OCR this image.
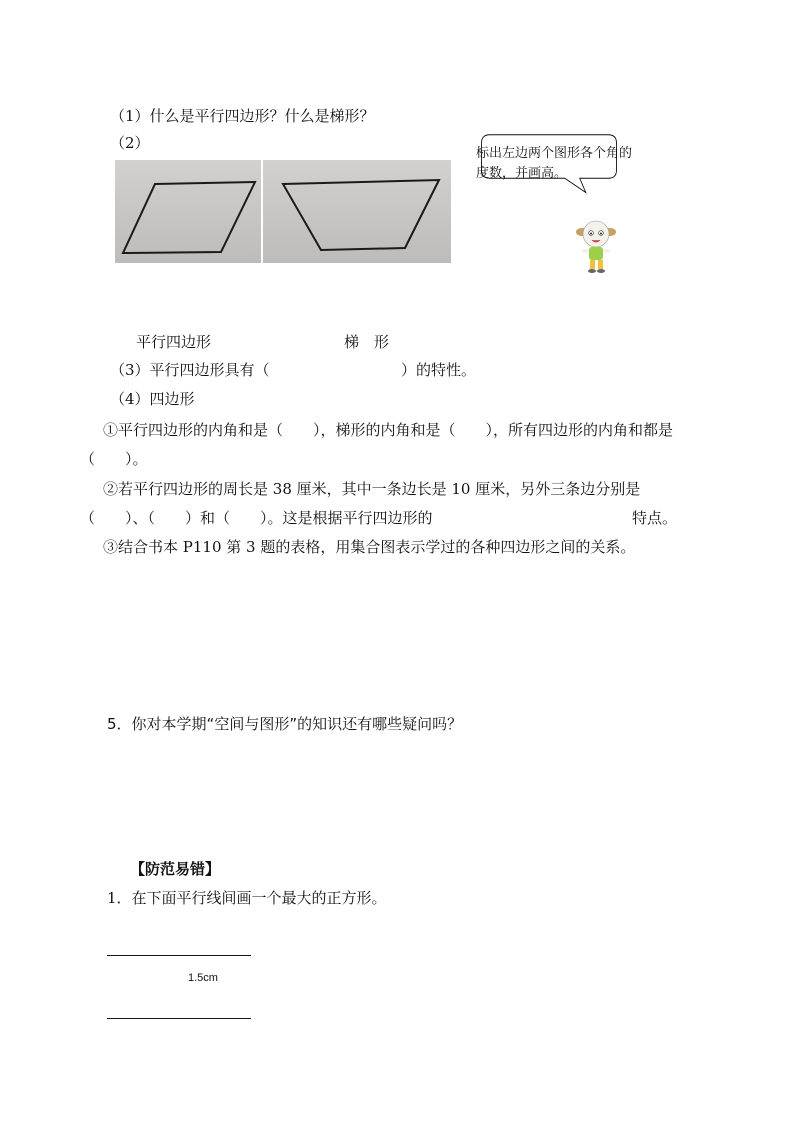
（1）什么是平行四边形？什么是梯形？
（2）
标出左边两个图形各个角的度数，并画高。
平行四边形	梯　形
（3）平行四边形具有（	）的特性。
（4）四边形
①平行四边形的内角和是（　　），梯形的内角和是（　　），所有四边形的内角和都是
（　　）。
②若平行四边形的周长是 38 厘米，其中一条边长是 10 厘米，另外三条边分别是
（　　）、（　　）和（　　）。这是根据平行四边形的	特点。
③结合书本 P110 第 3 题的表格，用集合图表示学过的各种四边形之间的关系。
5．你对本学期“空间与图形”的知识还有哪些疑问吗？
【防范易错】
1．在下面平行线间画一个最大的正方形。
1.5cm
